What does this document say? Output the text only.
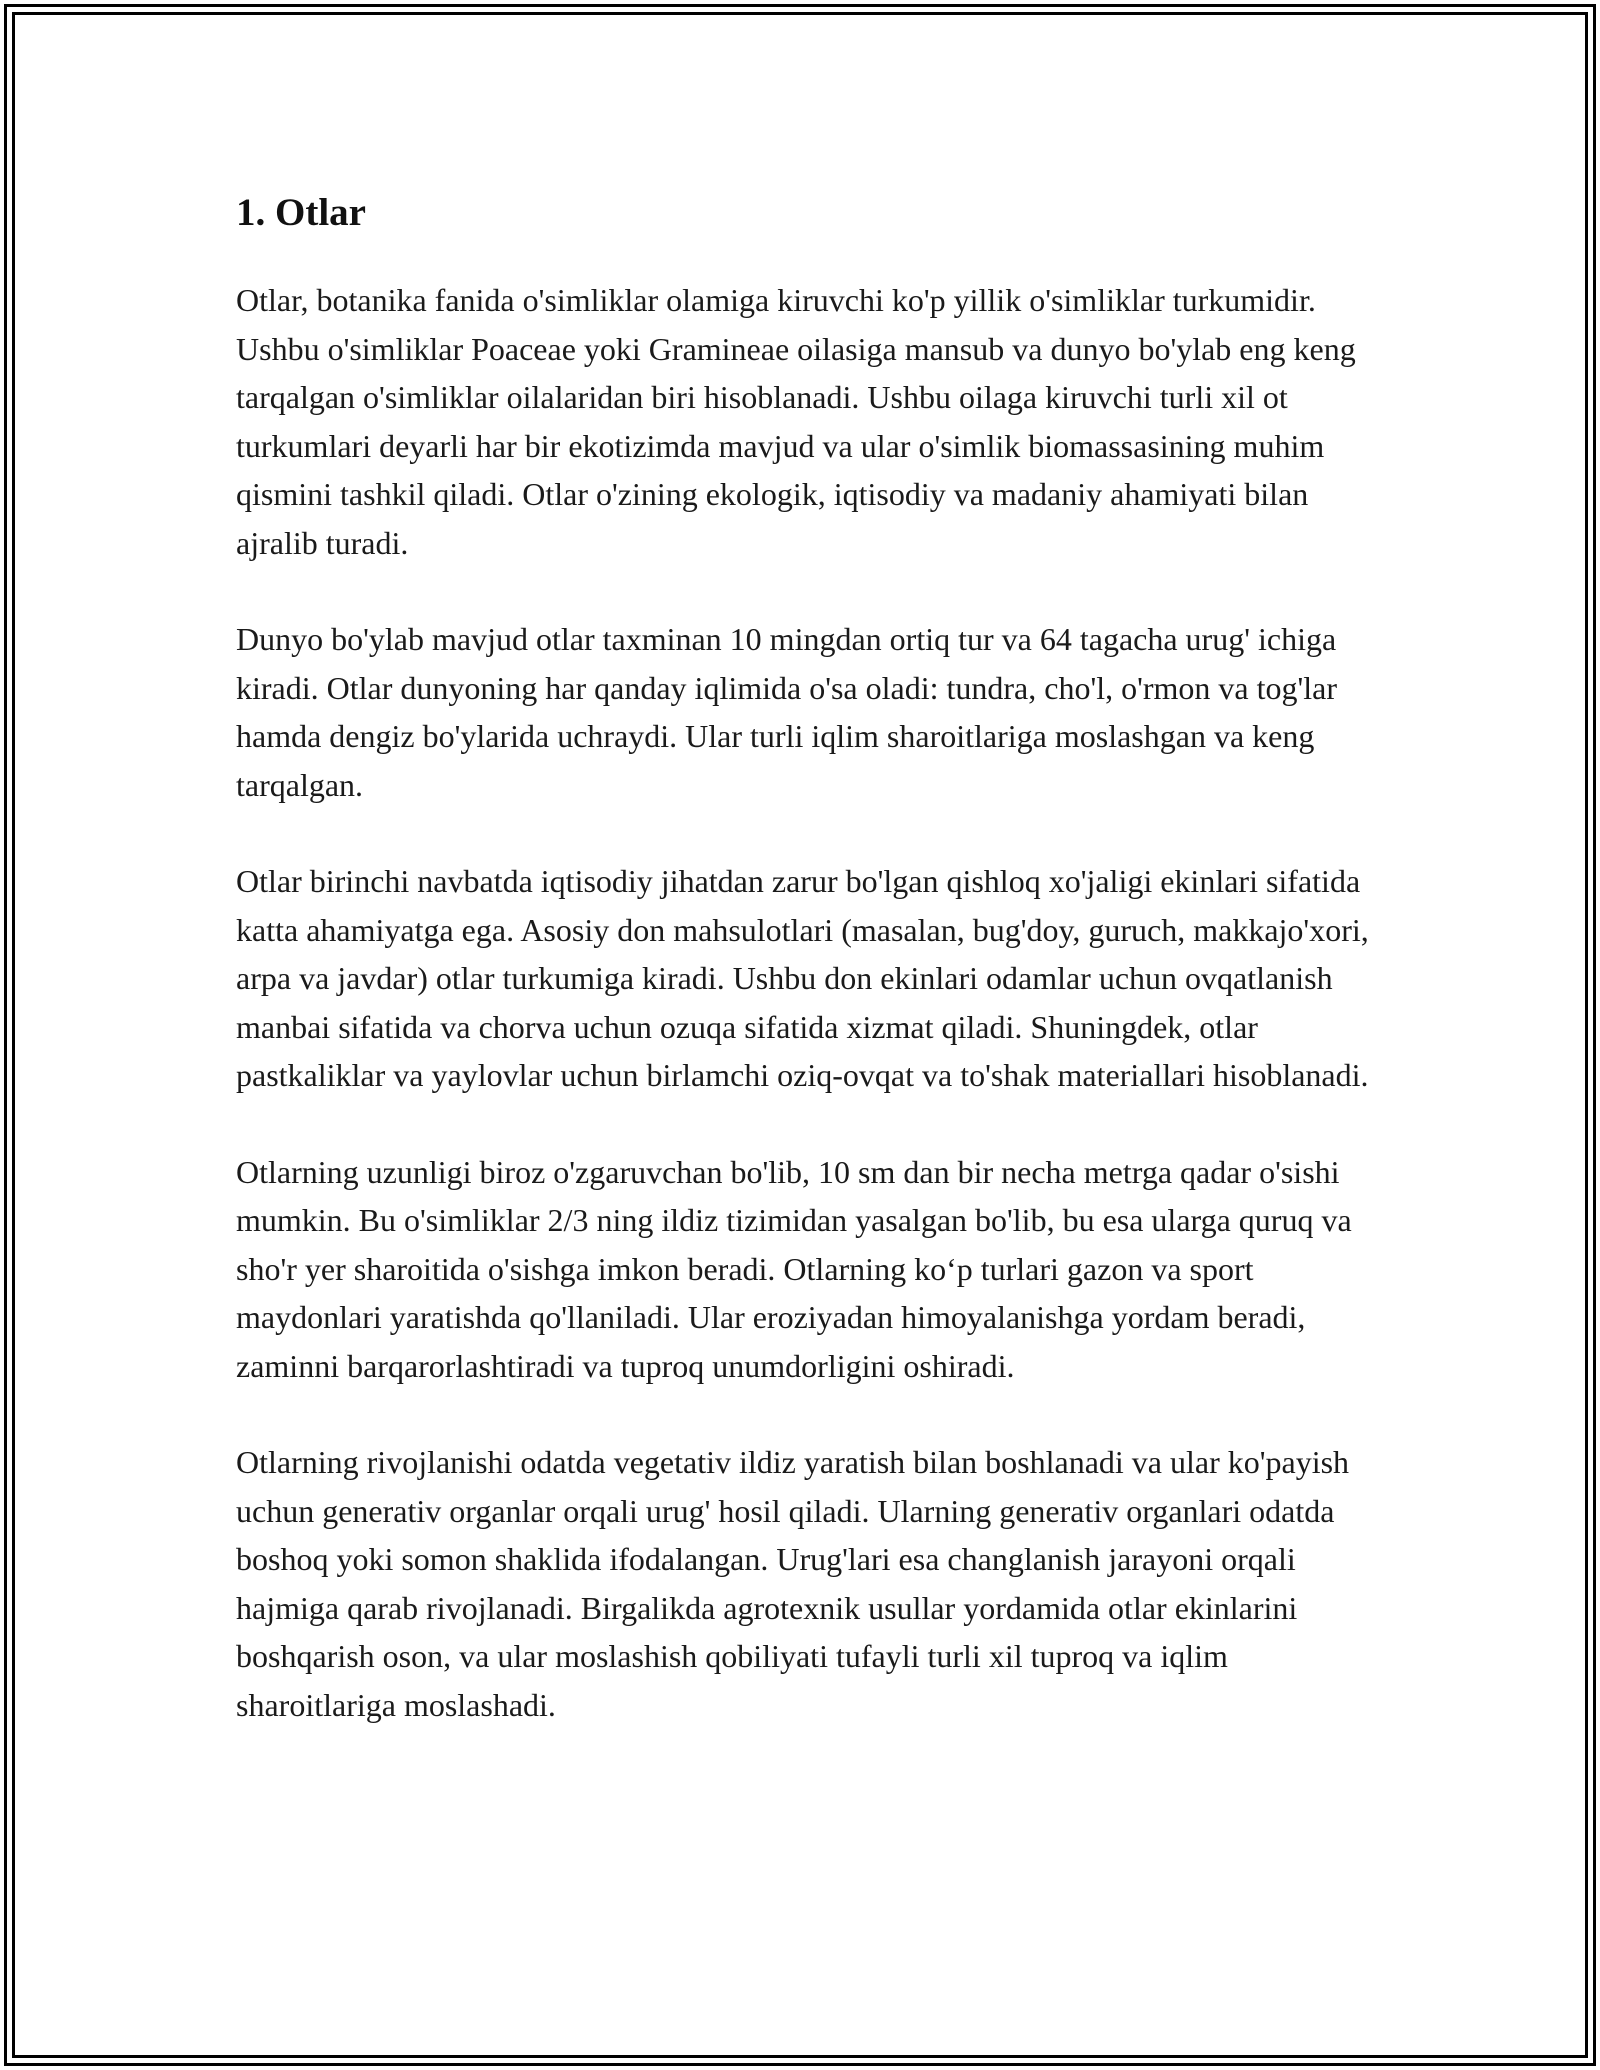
1. Otlar

Otlar, botanika fanida o'simliklar olamiga kiruvchi ko'p yillik o'simliklar turkumidir. Ushbu o'simliklar Poaceae yoki Gramineae oilasiga mansub va dunyo bo'ylab eng keng tarqalgan o'simliklar oilalaridan biri hisoblanadi. Ushbu oilaga kiruvchi turli xil ot turkumlari deyarli har bir ekotizimda mavjud va ular o'simlik biomassasining muhim qismini tashkil qiladi. Otlar o'zining ekologik, iqtisodiy va madaniy ahamiyati bilan ajralib turadi.

Dunyo bo'ylab mavjud otlar taxminan 10 mingdan ortiq tur va 64 tagacha urug' ichiga kiradi. Otlar dunyoning har qanday iqlimida o'sa oladi: tundra, cho'l, o'rmon va tog'lar hamda dengiz bo'ylarida uchraydi. Ular turli iqlim sharoitlariga moslashgan va keng tarqalgan.

Otlar birinchi navbatda iqtisodiy jihatdan zarur bo'lgan qishloq xo'jaligi ekinlari sifatida katta ahamiyatga ega. Asosiy don mahsulotlari (masalan, bug'doy, guruch, makkajo'xori, arpa va javdar) otlar turkumiga kiradi. Ushbu don ekinlari odamlar uchun ovqatlanish manbai sifatida va chorva uchun ozuqa sifatida xizmat qiladi. Shuningdek, otlar pastkaliklar va yaylovlar uchun birlamchi oziq-ovqat va to'shak materiallari hisoblanadi.

Otlarning uzunligi biroz o'zgaruvchan bo'lib, 10 sm dan bir necha metrga qadar o'sishi mumkin. Bu o'simliklar 2/3 ning ildiz tizimidan yasalgan bo'lib, bu esa ularga quruq va sho'r yer sharoitida o'sishga imkon beradi. Otlarning ko‘p turlari gazon va sport maydonlari yaratishda qo'llaniladi. Ular eroziyadan himoyalanishga yordam beradi, zaminni barqarorlashtiradi va tuproq unumdorligini oshiradi.

Otlarning rivojlanishi odatda vegetativ ildiz yaratish bilan boshlanadi va ular ko'payish uchun generativ organlar orqali urug' hosil qiladi. Ularning generativ organlari odatda boshoq yoki somon shaklida ifodalangan. Urug'lari esa changlanish jarayoni orqali hajmiga qarab rivojlanadi. Birgalikda agrotexnik usullar yordamida otlar ekinlarini boshqarish oson, va ular moslashish qobiliyati tufayli turli xil tuproq va iqlim sharoitlariga moslashadi.
